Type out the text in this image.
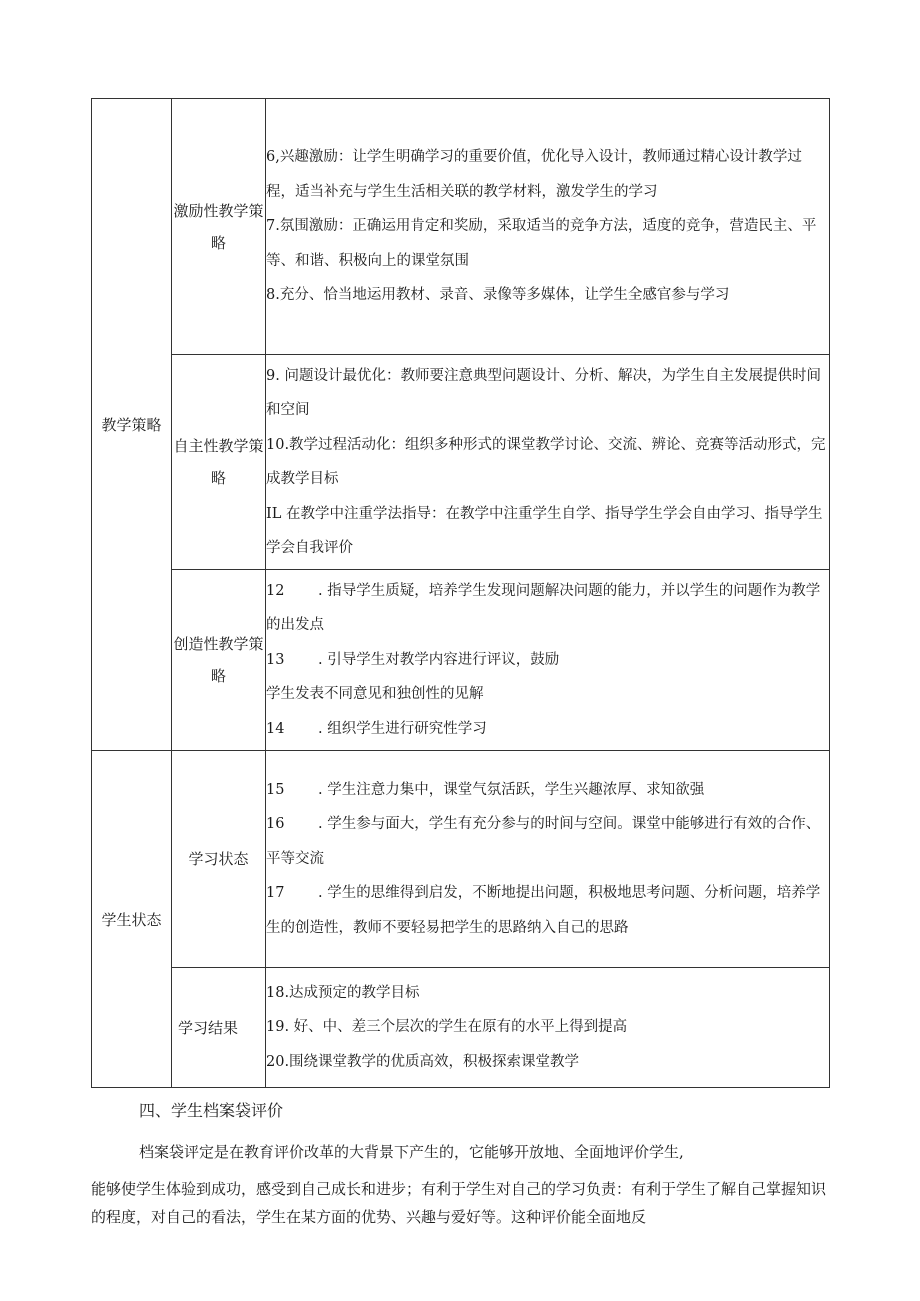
教学策略	激励性教学策略	6,兴趣激励：让学生明确学习的重要价值，优化导入设计，教师通过精心设计教学过程，适当补充与学生生活相关联的教学材料，激发学生的学习
7.氛围激励：正确运用肯定和奖励，采取适当的竞争方法，适度的竞争，营造民主、平等、和谐、积极向上的课堂氛围
8.充分、恰当地运用教材、录音、录像等多媒体，让学生全感官参与学习

	自主性教学策略	9. 问题设计最优化：教师要注意典型问题设计、分析、解决，为学生自主发展提供时间和空间
10.教学过程活动化：组织多种形式的课堂教学讨论、交流、辨论、竞赛等活动形式，完成教学目标
IL 在教学中注重学法指导：在教学中注重学生自学、指导学生学会自由学习、指导学生学会自我评价

	创造性教学策略	12 . 指导学生质疑，培养学生发现问题解决问题的能力，并以学生的问题作为教学的出发点
13 . 引导学生对教学内容进行评议，鼓励
学生发表不同意见和独创性的见解
14 . 组织学生进行研究性学习

学生状态	学习状态	15 . 学生注意力集中，课堂气氛活跃，学生兴趣浓厚、求知欲强
16 . 学生参与面大，学生有充分参与的时间与空间。课堂中能够进行有效的合作、平等交流
17 . 学生的思维得到启发，不断地提出问题，积极地思考问题、分析问题，培养学生的创造性，教师不要轻易把学生的思路纳入自己的思路

	学习结果	18.达成预定的教学目标
19. 好、中、差三个层次的学生在原有的水平上得到提高
20.围绕课堂教学的优质高效，积极探索课堂教学
四、学生档案袋评价
档案袋评定是在教育评价改革的大背景下产生的，它能够开放地、全面地评价学生,
能够使学生体验到成功，感受到自己成长和进步；有利于学生对自己的学习负责：有利于学生了解自己掌握知识的程度，对自己的看法，学生在某方面的优势、兴趣与爱好等。这种评价能全面地反
